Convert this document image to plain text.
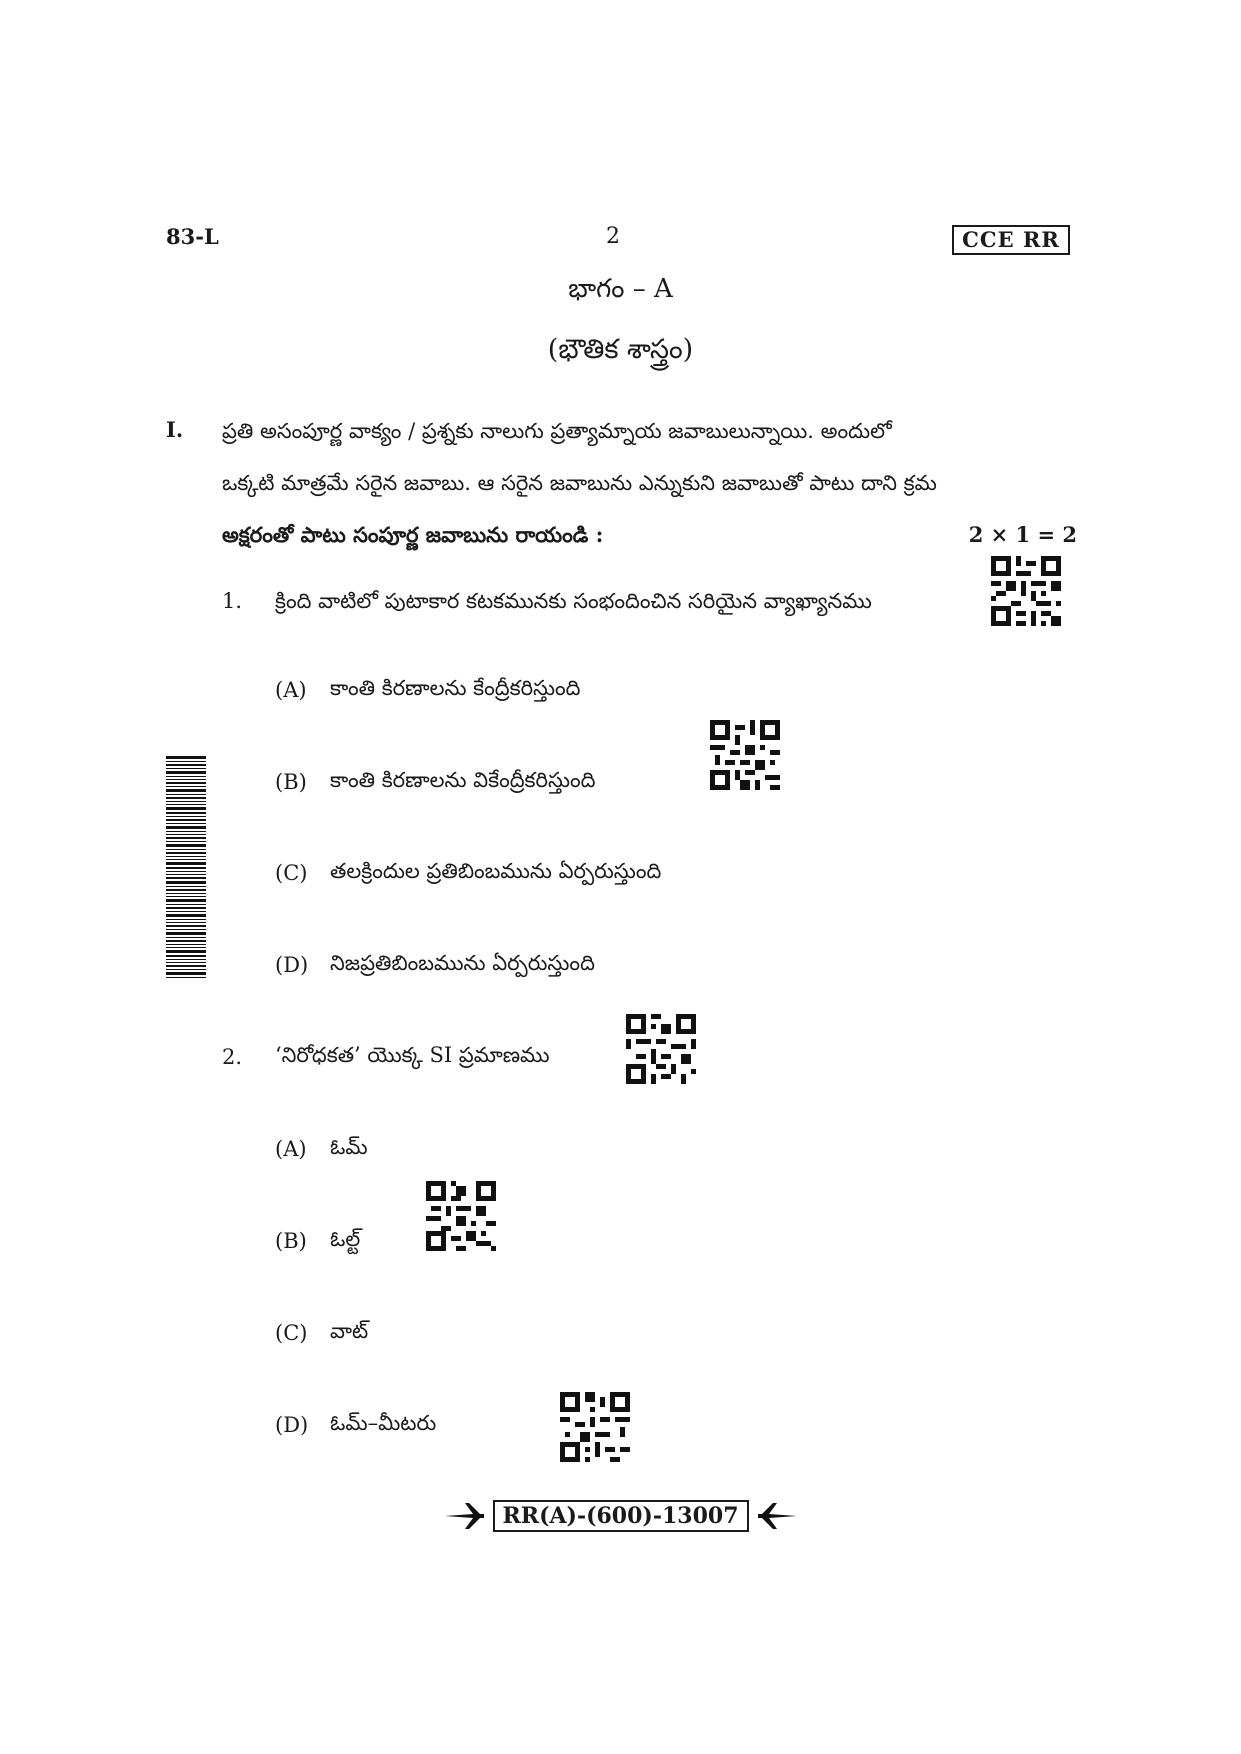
83-L	2	CCE RR
భాగం – A
(భౌతిక శాస్త్రం)
I. ప్రతి అసంపూర్ణ వాక్యం / ప్రశ్నకు నాలుగు ప్రత్యామ్నాయ జవాబులున్నాయి. అందులో
ఒక్కటి మాత్రమే సరైన జవాబు. ఆ సరైన జవాబును ఎన్నుకుని జవాబుతో పాటు దాని క్రమ
అక్షరంతో పాటు సంపూర్ణ జవాబును రాయండి :	2 × 1 = 2
1. క్రింది వాటిలో పుటాకార కటకమునకు సంభందించిన సరియైన వ్యాఖ్యానము
(A) కాంతి కిరణాలను కేంద్రీకరిస్తుంది
(B) కాంతి కిరణాలను వికేంద్రీకరిస్తుంది
(C) తలక్రిందుల ప్రతిబింబమును ఏర్పరుస్తుంది
(D) నిజప్రతిబింబమును ఏర్పరుస్తుంది
2. ‘నిరోధకత’ యొక్క SI ప్రమాణము
(A) ఓమ్
(B) ఓల్ట్
(C) వాట్
(D) ఓమ్–మీటరు
RR(A)-(600)-13007
